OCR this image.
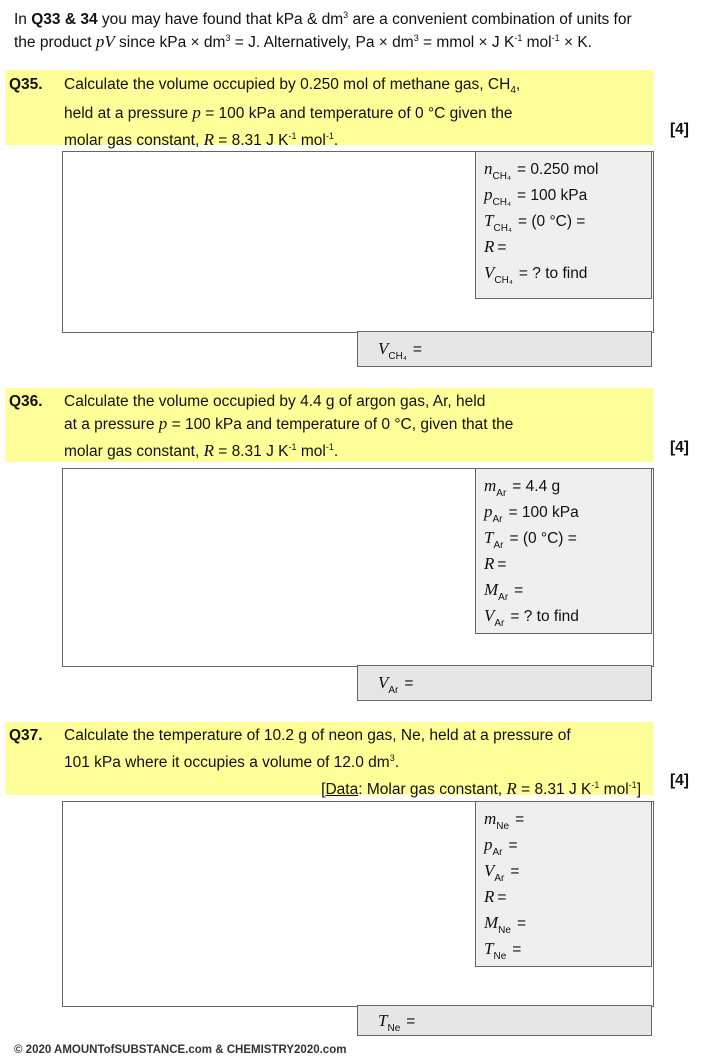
In Q33 & 34 you may have found that kPa & $dm^3$ are a convenient combination of units for
the product pV since kPa × $dm^3 = J$. Alternatively, $Pa \times dm^3$ = mmol × J $K^{-1}$ mol$^{-1}$ × K.
Q35. Calculate the volume occupied by 0.250 mol of methane gas, $CH_4$,
held at a pressure p = 100 kPa and temperature of 0 °C given the
molar gas constant, R = 8.31 J $K^{-1}$ mol$^{-1}$.
[4]
$n_{CH_4} = 0.250$ mol
$p_{CH_4} = 100$ kPa
$T_{CH_4} = (0$ °C) =
R =
$V_{CH_4}$ = ? to find
$V_{CH_4}$ =
Q36. Calculate the volume occupied by 4.4 g of argon gas, Ar, held
at a pressure p = 100 kPa and temperature of 0 °C, given that the
molar gas constant, R = 8.31 J $K^{-1}$ mol$^{-1}$.	[4]
$m_{Ar} = 4.4$ g
$p_{Ar} = 100$ kPa
$T_{Ar} = (0$ °C) =
R =
$M_{Ar}$ =
$V_{Ar}$ = ? to find
$V_{Ar}$ =
Q37. Calculate the temperature of 10.2 g of neon gas, Ne, held at a pressure of
101 kPa where it occupies a volume of 12.0 $dm^3$.
[Data: Molar gas constant, R = 8.31 J $K^{-1}$ mol$^{-1}$]
[4]
$m_{Ne}$ =
$p_{Ar}$ =
$V_{Ar}$ =
R =
$M_{Ne}$ =
$T_{Ne}$ =
$T_{Ne}$ =
© 2020 AMOUNTofSUBSTANCE.com & CHEMISTRY2020.com
